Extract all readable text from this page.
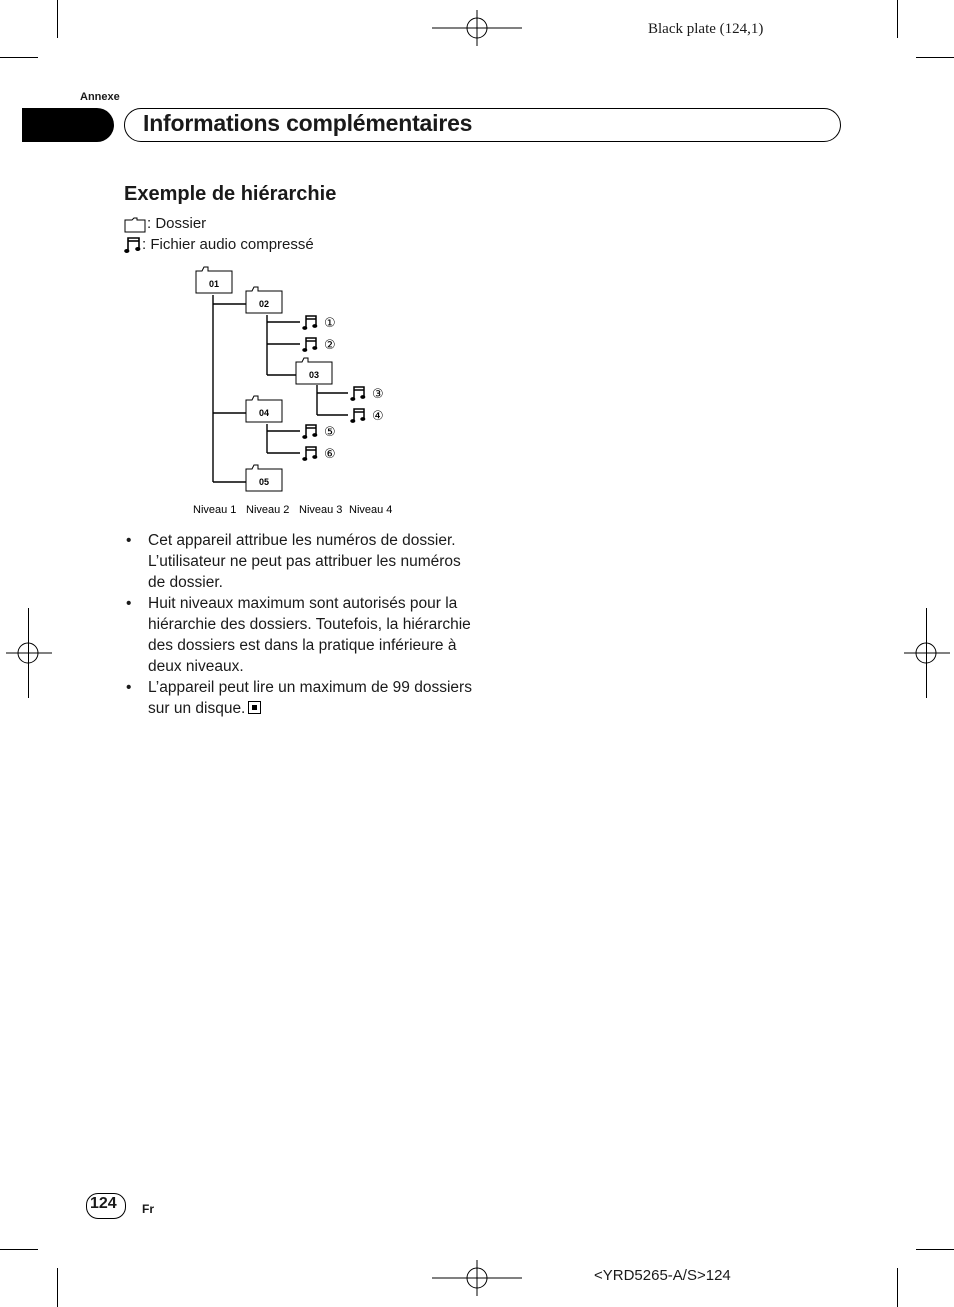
Black plate (124,1)
Annexe
Informations complémentaires
Exemple de hiérarchie
: Dossier
: Fichier audio compressé
01
02
03
04
05
①
②
③
④
⑤
⑥
Niveau 1 Niveau 2 Niveau 3 Niveau 4

• Cet appareil attribue les numéros de dossier. L’utilisateur ne peut pas attribuer les numéros de dossier.

• Huit niveaux maximum sont autorisés pour la hiérarchie des dossiers. Toutefois, la hiérarchie des dossiers est dans la pratique inférieure à deux niveaux.

• L’appareil peut lire un maximum de 99 dossiers sur un disque.

124 Fr
<YRD5265-A/S>124
